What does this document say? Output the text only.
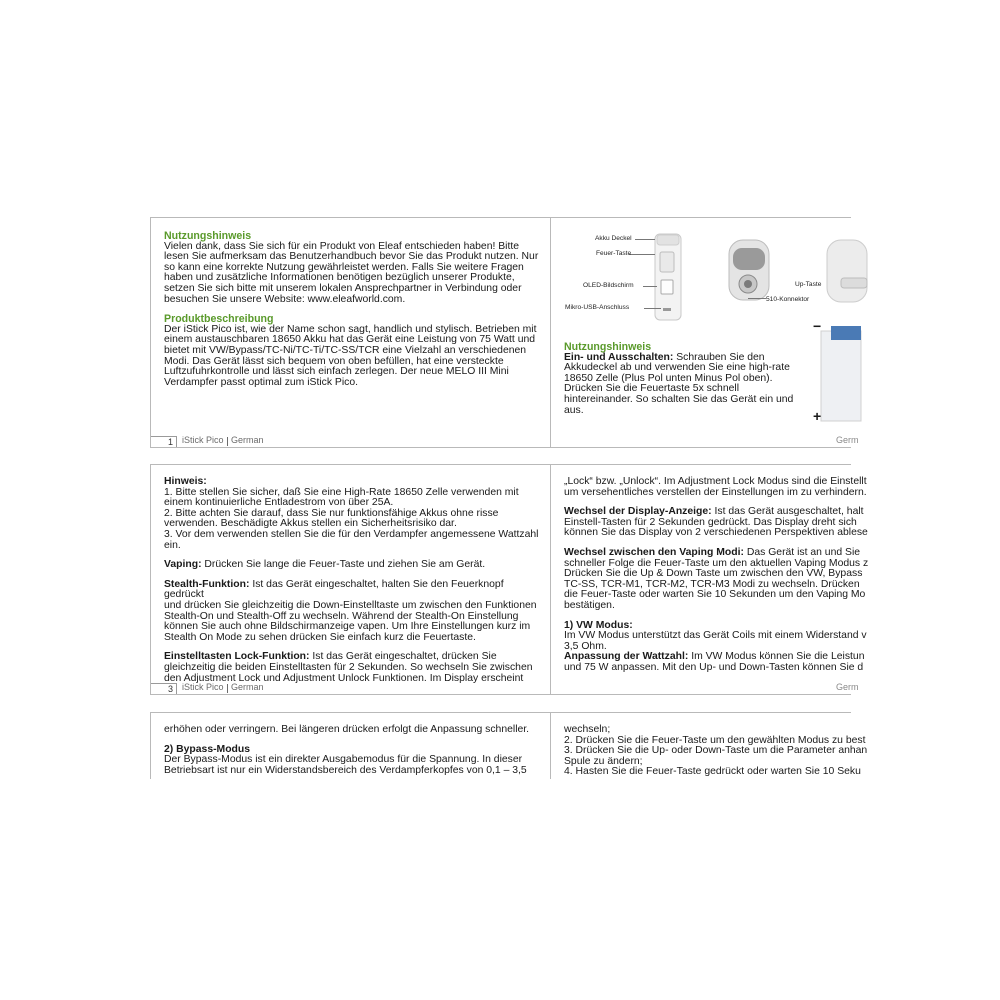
Nutzungshinweis
Vielen dank, dass Sie sich für ein Produkt von Eleaf entschieden haben! Bitte
lesen Sie aufmerksam das Benutzerhandbuch bevor Sie das Produkt nutzen. Nur
so kann eine korrekte Nutzung gewährleistet werden. Falls Sie weitere Fragen
haben und zusätzliche Informationen benötigen bezüglich unserer Produkte,
setzen Sie sich bitte mit unserem lokalen Ansprechpartner in Verbindung oder
besuchen Sie unsere Website: www.eleafworld.com.
Produktbeschreibung
Der iStick Pico ist, wie der Name schon sagt, handlich und stylisch. Betrieben mit
einem austauschbaren 18650 Akku hat das Gerät eine Leistung von 75 Watt und
bietet mit VW/Bypass/TC-Ni/TC-Ti/TC-SS/TCR eine Vielzahl an verschiedenen
Modi. Das Gerät lässt sich bequem von oben befüllen, hat eine versteckte
Luftzufuhrkontrolle und lässt sich einfach zerlegen. Der neue MELO III Mini
Verdampfer passt optimal zum iStick Pico.
1	iStick Pico German
Akku Deckel
Feuer-Taste
OLED-Bildschirm
Mikro-USB-Anschluss
510-Konnektor
Up-Taste
−
+
Nutzungshinweis
Ein- und Ausschalten: Schrauben Sie den
Akkudeckel ab und verwenden Sie eine high-rate
18650 Zelle (Plus Pol unten Minus Pol oben).
Drücken Sie die Feuertaste 5x schnell
hintereinander. So schalten Sie das Gerät ein und
aus.
Germ
Hinweis:
1. Bitte stellen Sie sicher, daß Sie eine High-Rate 18650 Zelle verwenden mit
einem kontinuierliche Entladestrom von über 25A.
2. Bitte achten Sie darauf, dass Sie nur funktionsfähige Akkus ohne risse
verwenden. Beschädigte Akkus stellen ein Sicherheitsrisiko dar.
3. Vor dem verwenden stellen Sie die für den Verdampfer angemessene Wattzahl
ein.
Vaping: Drücken Sie lange die Feuer-Taste und ziehen Sie am Gerät.
Stealth-Funktion: Ist das Gerät eingeschaltet, halten Sie den Feuerknopf gedrückt
und drücken Sie gleichzeitig die Down-Einstelltaste um zwischen den Funktionen
Stealth-On und Stealth-Off zu wechseln. Während der Stealth-On Einstellung
können Sie auch ohne Bildschirmanzeige vapen. Um Ihre Einstellungen kurz im
Stealth On Mode zu sehen drücken Sie einfach kurz die Feuertaste.
Einstelltasten Lock-Funktion: Ist das Gerät eingeschaltet, drücken Sie
gleichzeitig die beiden Einstelltasten für 2 Sekunden. So wechseln Sie zwischen
den Adjustment Lock und Adjustment Unlock Funktionen. Im Display erscheint
3	iStick Pico German
„Lock“ bzw. „Unlock“. Im Adjustment Lock Modus sind die Einstellt
um versehentliches verstellen der Einstellungen im zu verhindern.
Wechsel der Display-Anzeige: Ist das Gerät ausgeschaltet, halt
Einstell-Tasten für 2 Sekunden gedrückt. Das Display dreht sich
können Sie das Display von 2 verschiedenen Perspektiven ablese
Wechsel zwischen den Vaping Modi: Das Gerät ist an und Sie
schneller Folge die Feuer-Taste um den aktuellen Vaping Modus z
Drücken Sie die Up & Down Taste um zwischen den VW, Bypass
TC-SS, TCR-M1, TCR-M2, TCR-M3 Modi zu wechseln. Drücken
die Feuer-Taste oder warten Sie 10 Sekunden um den Vaping Mo
bestätigen.
1) VW Modus:
Im VW Modus unterstützt das Gerät Coils mit einem Widerstand v
3,5 Ohm.
Anpassung der Wattzahl: Im VW Modus können Sie die Leistun
und 75 W anpassen. Mit den Up- und Down-Tasten können Sie d
Germ
erhöhen oder verringern. Bei längeren drücken erfolgt die Anpassung schneller.
2) Bypass-Modus
Der Bypass-Modus ist ein direkter Ausgabemodus für die Spannung. In dieser
Betriebsart ist nur ein Widerstandsbereich des Verdampferkopfes von 0,1 – 3,5
wechseln;
2. Drücken Sie die Feuer-Taste um den gewählten Modus zu best
3. Drücken Sie die Up- oder Down-Taste um die Parameter anhan
Spule zu ändern;
4. Hasten Sie die Feuer-Taste gedrückt oder warten Sie 10 Seku
